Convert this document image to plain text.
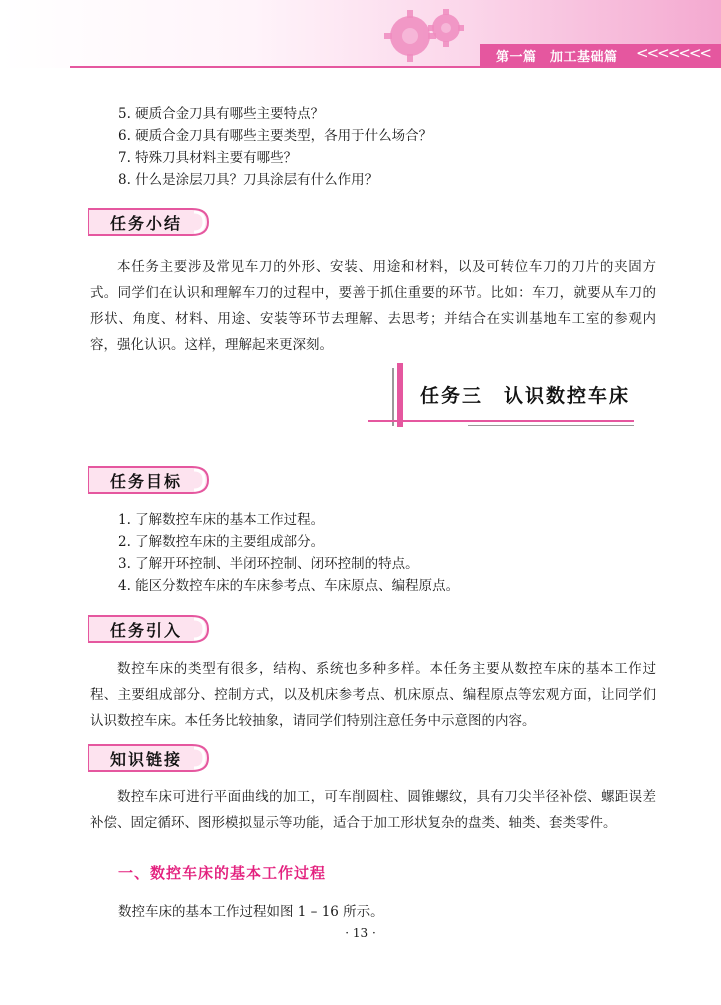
第一篇　加工基础篇 <<<<<<<
5. 硬质合金刀具有哪些主要特点？
6. 硬质合金刀具有哪些主要类型，各用于什么场合？
7. 特殊刀具材料主要有哪些？
8. 什么是涂层刀具？刀具涂层有什么作用？
任务小结
本任务主要涉及常见车刀的外形、安装、用途和材料，以及可转位车刀的刀片的夹固方式。同学们在认识和理解车刀的过程中，要善于抓住重要的环节。比如：车刀，就要从车刀的形状、角度、材料、用途、安装等环节去理解、去思考；并结合在实训基地车工室的参观内容，强化认识。这样，理解起来更深刻。
任务三　认识数控车床
任务目标
1. 了解数控车床的基本工作过程。
2. 了解数控车床的主要组成部分。
3. 了解开环控制、半闭环控制、闭环控制的特点。
4. 能区分数控车床的车床参考点、车床原点、编程原点。
任务引入
数控车床的类型有很多，结构、系统也多种多样。本任务主要从数控车床的基本工作过程、主要组成部分、控制方式，以及机床参考点、机床原点、编程原点等宏观方面，让同学们认识数控车床。本任务比较抽象，请同学们特别注意任务中示意图的内容。
知识链接
数控车床可进行平面曲线的加工，可车削圆柱、圆锥螺纹，具有刀尖半径补偿、螺距误差补偿、固定循环、图形模拟显示等功能，适合于加工形状复杂的盘类、轴类、套类零件。
一、数控车床的基本工作过程
数控车床的基本工作过程如图 1 – 16 所示。
· 13 ·
